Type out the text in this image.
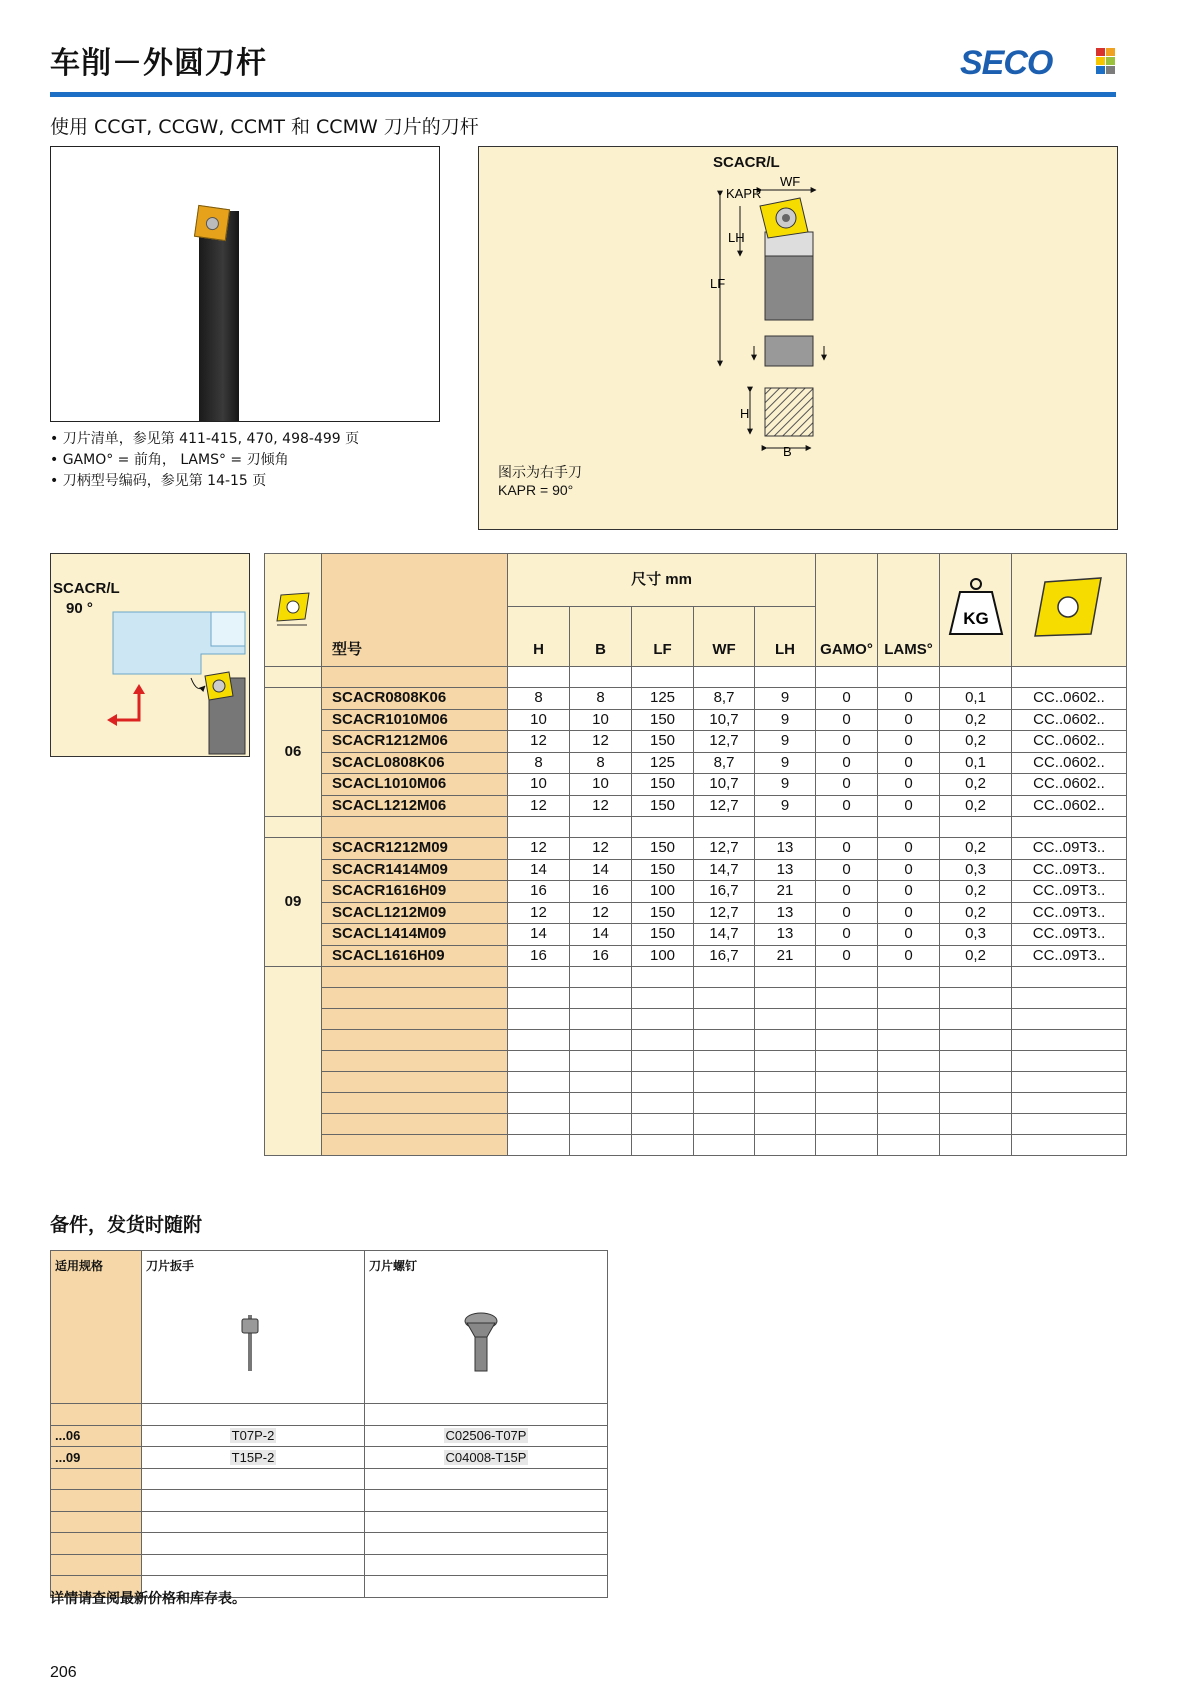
车削－外圆刀杆	SECO
使用 CCGT, CCGW, CCMT 和 CCMW 刀片的刀杆
• 刀片清单，参见第 411-415, 470, 498-499 页
• GAMO° = 前角， LAMS° = 刃倾角
• 刀柄型号编码，参见第 14-15 页
SCACR/L
KAPR
WF
LH
LF
H
B
图示为右手刀
KAPR = 90°
SCACR/L
90 °
	型号	尺寸 mm					GAMO°	LAMS°	KG

		H	B	LF	WF	LH				

06	SCACR0808K06	8	8	125	8,7	9	0	0	0,1	CC..0602..
	SCACR1010M06	10	10	150	10,7	9	0	0	0,2	CC..0602..
	SCACR1212M06	12	12	150	12,7	9	0	0	0,2	CC..0602..
	SCACL0808K06	8	8	125	8,7	9	0	0	0,1	CC..0602..
	SCACL1010M06	10	10	150	10,7	9	0	0	0,2	CC..0602..
	SCACL1212M06	12	12	150	12,7	9	0	0	0,2	CC..0602..

09	SCACR1212M09	12	12	150	12,7	13	0	0	0,2	CC..09T3..
	SCACR1414M09	14	14	150	14,7	13	0	0	0,3	CC..09T3..
	SCACR1616H09	16	16	100	16,7	21	0	0	0,2	CC..09T3..
	SCACL1212M09	12	12	150	12,7	13	0	0	0,2	CC..09T3..
	SCACL1414M09	14	14	150	14,7	13	0	0	0,3	CC..09T3..
	SCACL1616H09	16	16	100	16,7	21	0	0	0,2	CC..09T3..

备件，发货时随附
适用规格	刀片扳手	刀片螺钉

...06	T07P-2	C02506-T07P
...09	T15P-2	C04008-T15P

详情请查阅最新价格和库存表。
206
